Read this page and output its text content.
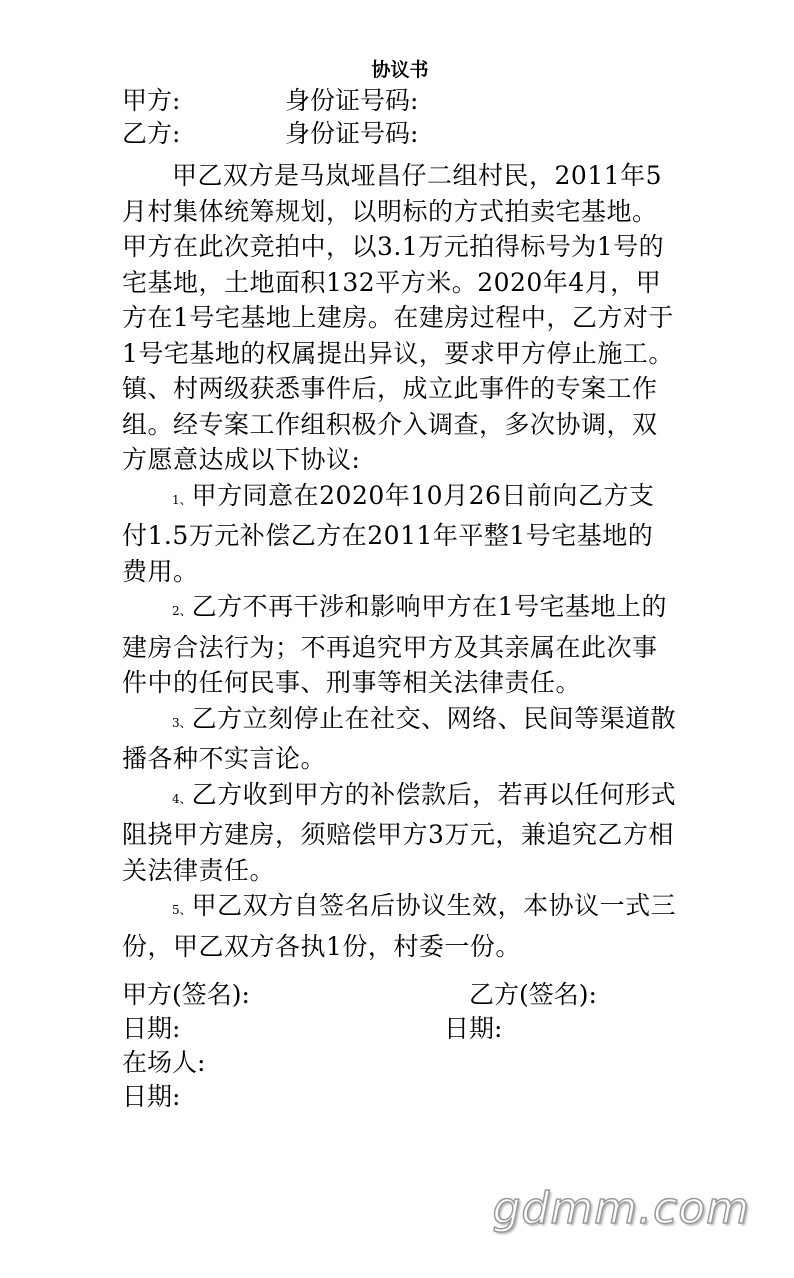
协议书
甲方:	身份证号码:
乙方:	身份证号码:

甲乙双方是马岚垭昌仔二组村民，2011年5月村集体统筹规划，以明标的方式拍卖宅基地。甲方在此次竞拍中，以3.1万元拍得标号为1号的宅基地，土地面积132平方米。2020年4月，甲方在1号宅基地上建房。在建房过程中，乙方对于1号宅基地的权属提出异议，要求甲方停止施工。镇、村两级获悉事件后，成立此事件的专案工作组。经专案工作组积极介入调查，多次协调，双方愿意达成以下协议:

1、甲方同意在2020年10月26日前向乙方支付1.5万元补偿乙方在2011年平整1号宅基地的费用。

2、乙方不再干涉和影响甲方在1号宅基地上的建房合法行为；不再追究甲方及其亲属在此次事件中的任何民事、刑事等相关法律责任。

3、乙方立刻停止在社交、网络、民间等渠道散播各种不实言论。

4、乙方收到甲方的补偿款后，若再以任何形式阻挠甲方建房，须赔偿甲方3万元，兼追究乙方相关法律责任。

5、甲乙双方自签名后协议生效，本协议一式三份，甲乙双方各执1份，村委一份。

甲方(签名):	乙方(签名):
日期:	日期:
在场人:
日期:
gdmm.com
